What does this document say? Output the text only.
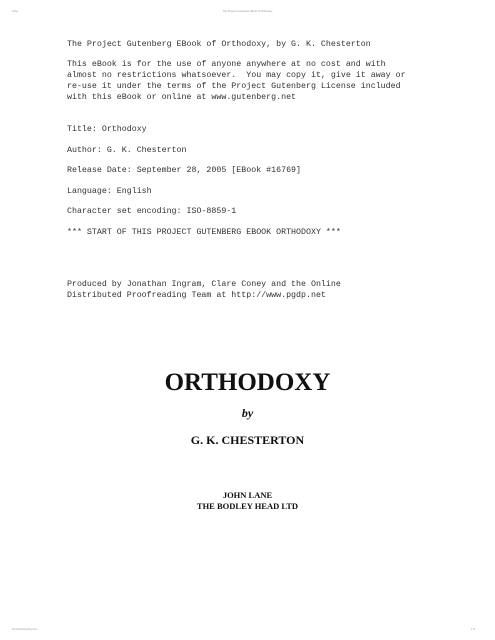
ortho	The Project Gutenberg eBook of Orthodoxy
The Project Gutenberg EBook of Orthodoxy, by G. K. Chesterton
This eBook is for the use of anyone anywhere at no cost and with
almost no restrictions whatsoever.  You may copy it, give it away or
re-use it under the terms of the Project Gutenberg License included
with this eBook or online at www.gutenberg.net
Title: Orthodoxy
Author: G. K. Chesterton
Release Date: September 28, 2005 [EBook #16769]
Language: English
Character set encoding: ISO-8859-1
*** START OF THIS PROJECT GUTENBERG EBOOK ORTHODOXY ***
Produced by Jonathan Ingram, Clare Coney and the Online
Distributed Proofreading Team at http://www.pgdp.net
ORTHODOXY
by
G. K. CHESTERTON
JOHN LANE
THE BODLEY HEAD LTD
file:///F|/orthodoxy.htm	1 of
